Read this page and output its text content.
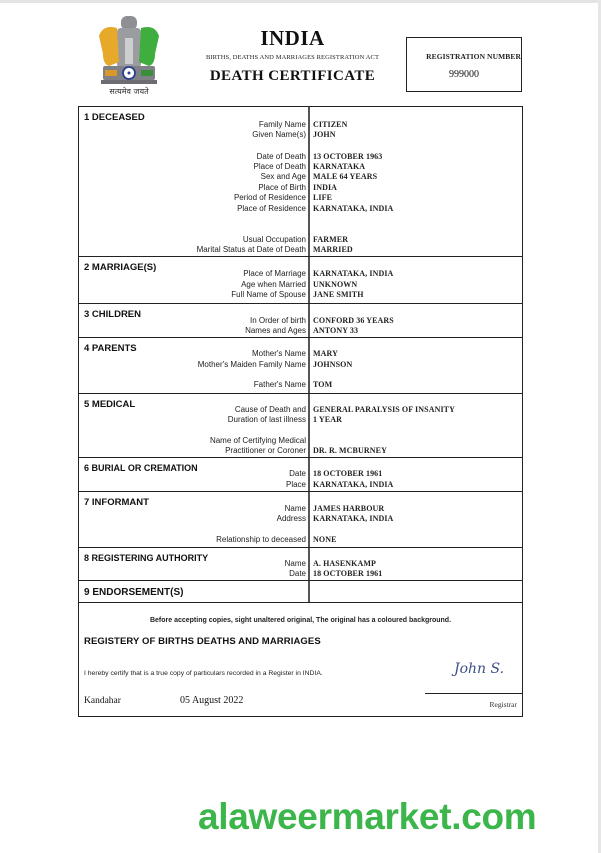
सत्यमेव जयते
INDIA
BIRTHS, DEATHS AND MARRIAGES REGISTRATION ACT
DEATH CERTIFICATE
REGISTRATION NUMBER
999000
1 DECEASED
Family Name CITIZEN
Given Name(s) JOHN
Date of Death 13 OCTOBER 1963
Place of Death KARNATAKA
Sex and Age MALE 64 YEARS
Place of Birth INDIA
Period of Residence LIFE
Place of Residence KARNATAKA, INDIA
Usual Occupation FARMER
Marital Status at Date of Death MARRIED
2 MARRIAGE(S)
Place of Marriage KARNATAKA, INDIA
Age when Married UNKNOWN
Full Name of Spouse JANE SMITH
3 CHILDREN
In Order of birth CONFORD 36 YEARS
Names and Ages ANTONY 33
4 PARENTS	Mother's Name MARY
Mother's Maiden Family Name JOHNSON
Father's Name TOM
5 MEDICAL	Cause of Death and GENERAL PARALYSIS OF INSANITY
Duration of last illness 1 YEAR
Name of Certifying Medical
Practitioner or Coroner DR. R. MCBURNEY
6 BURIAL OR CREMATION
Date 18 OCTOBER 1961
Place KARNATAKA, INDIA
7 INFORMANT
Name JAMES HARBOUR
Address KARNATAKA, INDIA
Relationship to deceased NONE
8 REGISTERING AUTHORITY
Name A. HASENKAMP
Date 18 OCTOBER 1961
9 ENDORSEMENT(S)
Before accepting copies, sight unaltered original, The original has a coloured background.
REGISTERY OF BIRTHS DEATHS AND MARRIAGES
I hereby certify that is a true copy of particulars recorded in a Register in INDIA.	John S.
Kandahar	05 August 2022	Registrar
alaweermarket.com
